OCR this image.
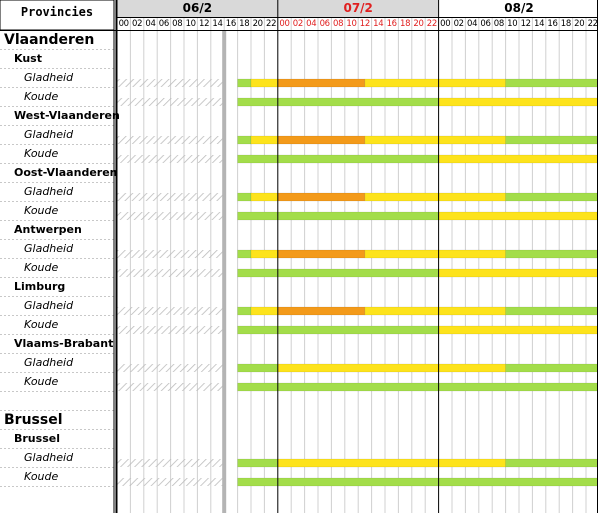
Provincies	06/2
00 02 04 06 08 10 12 14 16 18 20 22
07/2
00 02 04 06 08 10 12 14 16 18 20 22
08/2
00 02 04 06 08 10 12 14 16 18 20 22
Vlaanderen
Kust
Gladheid
Koude
West-Vlaanderen
Gladheid
Koude
Oost-Vlaanderen
Gladheid
Koude
Antwerpen
Gladheid
Koude
Limburg
Gladheid
Koude
Vlaams-Brabant
Gladheid
Koude
Brussel
Brussel
Gladheid
Koude
